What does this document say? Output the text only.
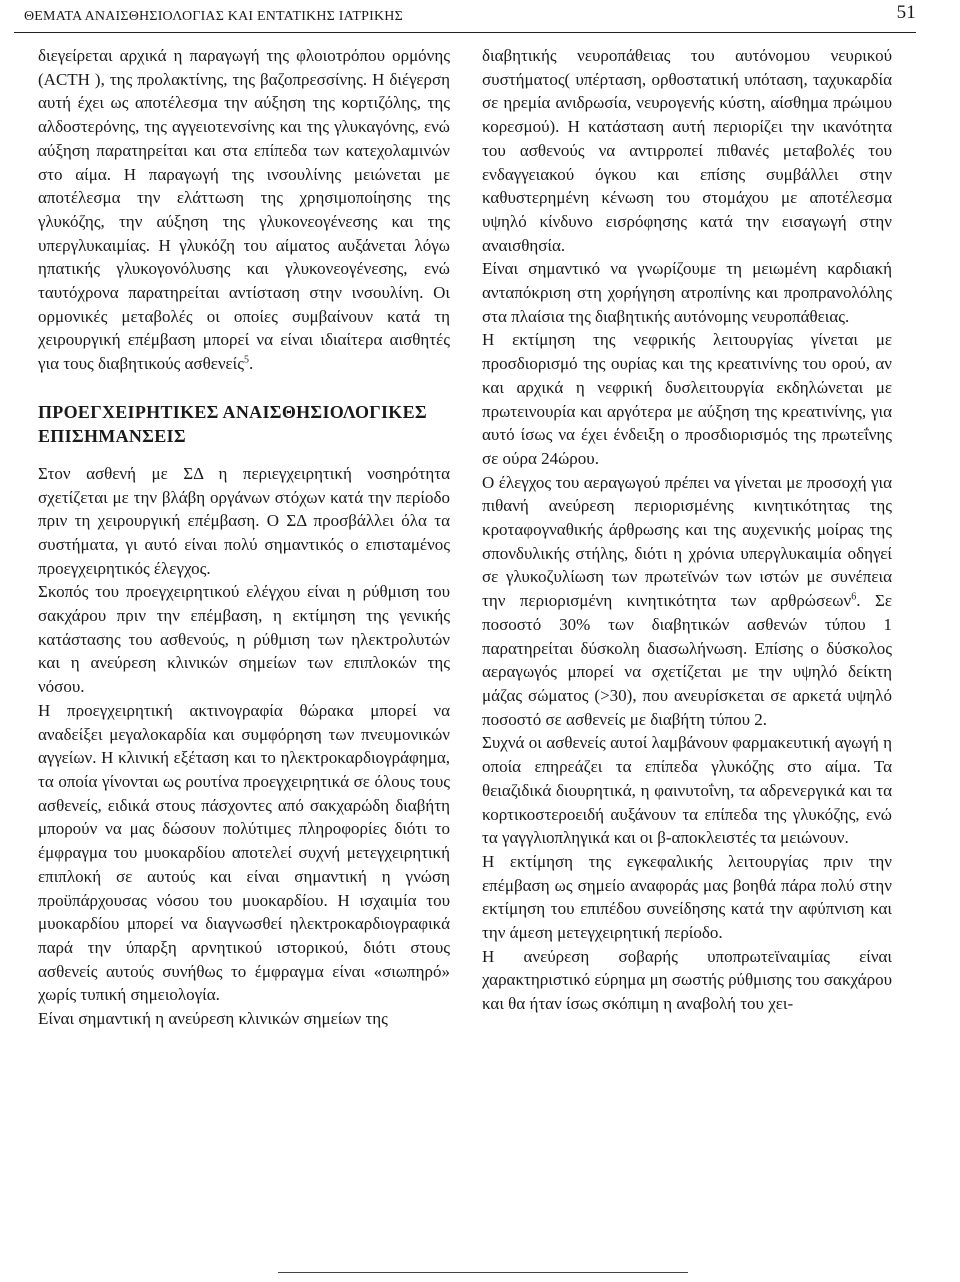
ΘΕΜΑΤΑ ΑΝΑΙΣΘΗΣΙΟΛΟΓΙΑΣ ΚΑΙ ΕΝΤΑΤΙΚΗΣ ΙΑΤΡΙΚΗΣ	51

διεγείρεται αρχικά η παραγωγή της φλοιοτρόπου ορμόνης (ACTH ), της προλακτίνης, της βαζοπρεσσίνης. Η διέγερση αυτή έχει ως αποτέλεσμα την αύξηση της κορτιζόλης, της αλδοστερόνης, της αγγειοτενσίνης και της γλυκαγόνης, ενώ αύξηση παρατηρείται και στα επίπεδα των κατεχολαμινών στο αίμα. Η παραγωγή της ινσουλίνης μειώνεται με αποτέλεσμα την ελάττωση της χρησιμοποίησης της γλυκόζης, την αύξηση της γλυκονεογένεσης και της υπεργλυκαιμίας. Η γλυκόζη του αίματος αυξάνεται λόγω ηπατικής γλυκογονόλυσης και γλυκονεογένεσης, ενώ ταυτόχρονα παρατηρείται αντίσταση στην ινσουλίνη. Οι ορμονικές μεταβολές οι οποίες συμβαίνουν κατά τη χειρουργική επέμβαση μπορεί να είναι ιδιαίτερα αισθητές για τους διαβητικούς ασθενείς$^5$.

ΠΡΟΕΓΧΕΙΡΗΤΙΚΕΣ ΑΝΑΙΣΘΗΣΙΟΛΟΓΙΚΕΣ ΕΠΙΣΗΜΑΝΣΕΙΣ

Στον ασθενή με ΣΔ η περιεγχειρητική νοσηρότητα σχετίζεται με την βλάβη οργάνων στόχων κατά την περίοδο πριν τη χειρουργική επέμβαση. Ο ΣΔ προσβάλλει όλα τα συστήματα, γι αυτό είναι πολύ σημαντικός ο επισταμένος προεγχειρητικός έλεγχος.

Σκοπός του προεγχειρητικού ελέγχου είναι η ρύθμιση του σακχάρου πριν την επέμβαση, η εκτίμηση της γενικής κατάστασης του ασθενούς, η ρύθμιση των ηλεκτρολυτών και η ανεύρεση κλινικών σημείων των επιπλοκών της νόσου.

Η προεγχειρητική ακτινογραφία θώρακα μπορεί να αναδείξει μεγαλοκαρδία και συμφόρηση των πνευμονικών αγγείων. Η κλινική εξέταση και το ηλεκτροκαρδιογράφημα, τα οποία γίνονται ως ρουτίνα προεγχειρητικά σε όλους τους ασθενείς, ειδικά στους πάσχοντες από σακχαρώδη διαβήτη μπορούν να μας δώσουν πολύτιμες πληροφορίες διότι το έμφραγμα του μυοκαρδίου αποτελεί συχνή μετεγχειρητική επιπλοκή σε αυτούς και είναι σημαντική η γνώση προϋπάρχουσας νόσου του μυοκαρδίου. Η ισχαιμία του μυοκαρδίου μπορεί να διαγνωσθεί ηλεκτροκαρδιογραφικά παρά την ύπαρξη αρνητικού ιστορικού, διότι στους ασθενείς αυτούς συνήθως το έμφραγμα είναι «σιωπηρό» χωρίς τυπική σημειολογία.

Είναι σημαντική η ανεύρεση κλινικών σημείων της

διαβητικής νευροπάθειας του αυτόνομου νευρικού συστήματος( υπέρταση, ορθοστατική υπόταση, ταχυκαρδία σε ηρεμία ανιδρωσία, νευρογενής κύστη, αίσθημα πρώιμου κορεσμού). Η κατάσταση αυτή περιορίζει την ικανότητα του ασθενούς να αντιρροπεί πιθανές μεταβολές του ενδαγγειακού όγκου και επίσης συμβάλλει στην καθυστερημένη κένωση του στομάχου με αποτέλεσμα υψηλό κίνδυνο εισρόφησης κατά την εισαγωγή στην αναισθησία.

Είναι σημαντικό να γνωρίζουμε τη μειωμένη καρδιακή ανταπόκριση στη χορήγηση ατροπίνης και προπρανολόλης στα πλαίσια της διαβητικής αυτόνομης νευροπάθειας.

Η εκτίμηση της νεφρικής λειτουργίας γίνεται με προσδιορισμό της ουρίας και της κρεατινίνης του ορού, αν και αρχικά η νεφρική δυσλειτουργία εκδηλώνεται με πρωτεινουρία και αργότερα με αύξηση της κρεατινίνης, για αυτό ίσως να έχει ένδειξη ο προσδιορισμός της πρωτεΐνης σε ούρα 24ώρου.

Ο έλεγχος του αεραγωγού πρέπει να γίνεται με προσοχή για πιθανή ανεύρεση περιορισμένης κινητικότητας της κροταφογναθικής άρθρωσης και της αυχενικής μοίρας της σπονδυλικής στήλης, διότι η χρόνια υπεργλυκαιμία οδηγεί σε γλυκοζυλίωση των πρωτεϊνών των ιστών με συνέπεια την περιορισμένη κινητικότητα των αρθρώσεων$^6$. Σε ποσοστό 30% των διαβητικών ασθενών τύπου 1 παρατηρείται δύσκολη διασωλήνωση. Επίσης ο δύσκολος αεραγωγός μπορεί να σχετίζεται με την υψηλό δείκτη μάζας σώματος (>30), που ανευρίσκεται σε αρκετά υψηλό ποσοστό σε ασθενείς με διαβήτη τύπου 2.

Συχνά οι ασθενείς αυτοί λαμβάνουν φαρμακευτική αγωγή η οποία επηρεάζει τα επίπεδα γλυκόζης στο αίμα. Τα θειαζιδικά διουρητικά, η φαινυτοΐνη, τα αδρενεργικά και τα κορτικοστεροειδή αυξάνουν τα επίπεδα της γλυκόζης, ενώ τα γαγγλιοπληγικά και οι β-αποκλειστές τα μειώνουν.

Η εκτίμηση της εγκεφαλικής λειτουργίας πριν την επέμβαση ως σημείο αναφοράς μας βοηθά πάρα πολύ στην εκτίμηση του επιπέδου συνείδησης κατά την αφύπνιση και την άμεση μετεγχειρητική περίοδο.

Η ανεύρεση σοβαρής υποπρωτεϊναιμίας είναι χαρακτηριστικό εύρημα μη σωστής ρύθμισης του σακχάρου και θα ήταν ίσως σκόπιμη η αναβολή του χει-
